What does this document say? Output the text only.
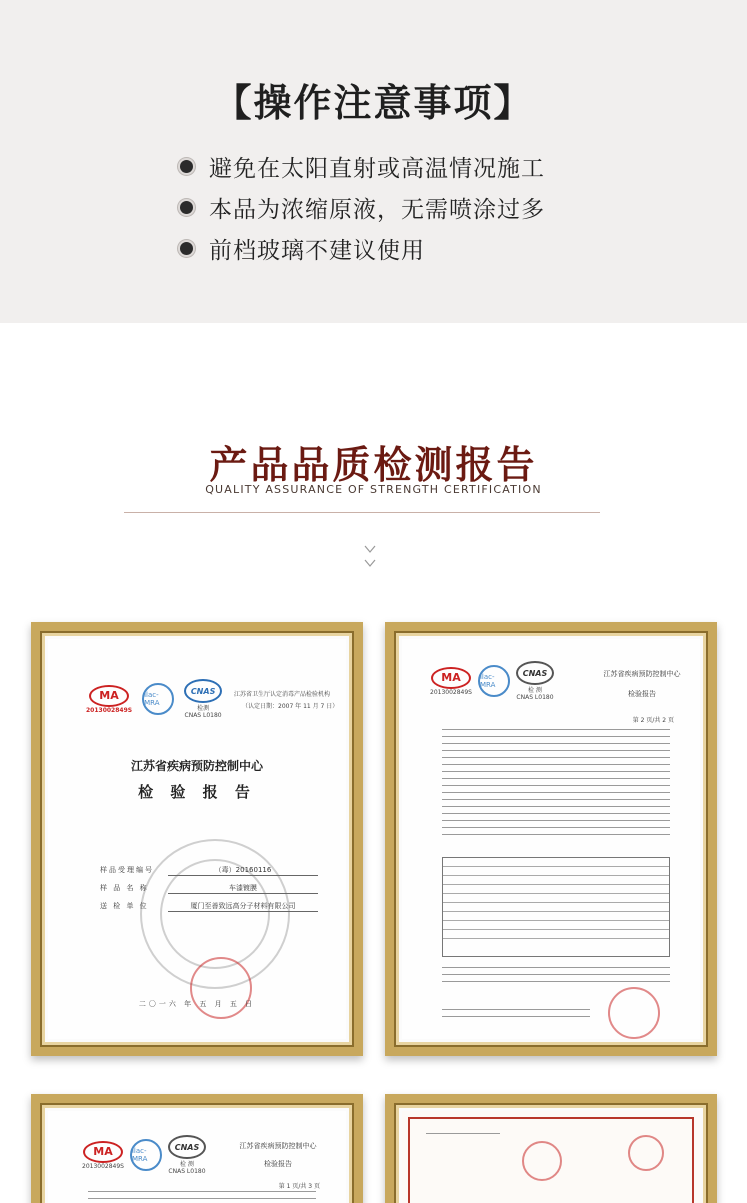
【操作注意事项】
避免在太阳直射或高温情况施工
本品为浓缩原液，无需喷涂过多
前档玻璃不建议使用
产品品质检测报告
QUALITY ASSURANCE OF STRENGTH CERTIFICATION
MA
2013002849S
ilac-MRA
CNAS
检测
CNAS L0180
江苏省卫生厅认定消毒产品检验机构
（认定日期：2007 年 11 月 7 日）
江苏省疾病预防控制中心
检 验 报 告
样品受理编号	（毒）20160116
样 品 名 称	车漆镀膜
送 检 单 位	厦门至善致远高分子材料有限公司
二〇一六 年 五 月 五 日
MA
2013002849S
ilac-MRA
CNAS
检 测
CNAS L0180
江苏省疾病预防控制中心
检验报告
第 2 页/共 2 页
MA
2013002849S
ilac-MRA
CNAS
检 测
CNAS L0180
江苏省疾病预防控制中心
检验报告
第 1 页/共 3 页
